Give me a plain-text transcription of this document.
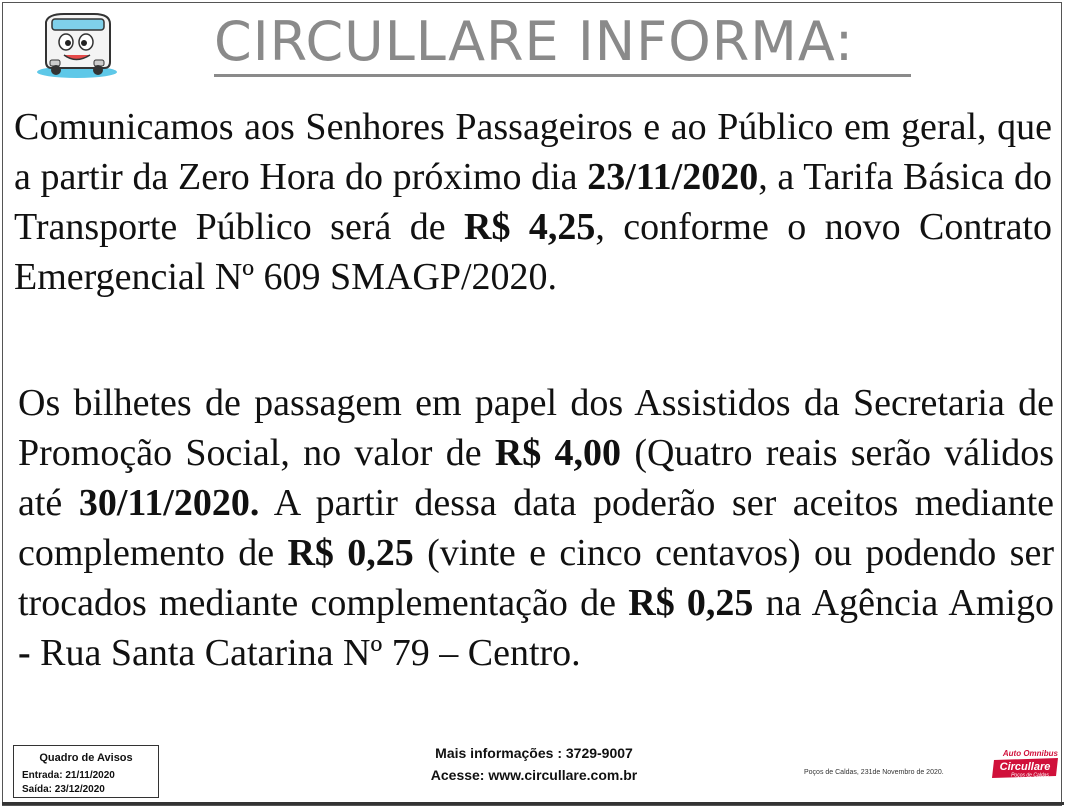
CIRCULLARE INFORMA:

Comunicamos aos Senhores Passageiros e ao Público em geral, que a partir da Zero Hora do próximo dia 23/11/2020, a Tarifa Básica do Transporte Público será de R$ 4,25, conforme o novo Contrato Emergencial Nº 609 SMAGP/2020.

Os bilhetes de passagem em papel dos Assistidos da Secretaria de Promoção Social, no valor de R$ 4,00 (Quatro reais serão válidos até 30/11/2020. A partir dessa data poderão ser aceitos mediante complemento de R$ 0,25 (vinte e cinco centavos) ou podendo ser trocados mediante complementação de R$ 0,25 na Agência Amigo - Rua Santa Catarina Nº 79 – Centro.

Quadro de Avisos
Entrada: 21/11/2020
Saída: 23/12/2020
Mais informações : 3729-9007
Acesse: www.circullare.com.br	Poços de Caldas, 231de Novembro de 2020.
Auto Omnibus
Circullare
Poços de Caldas
